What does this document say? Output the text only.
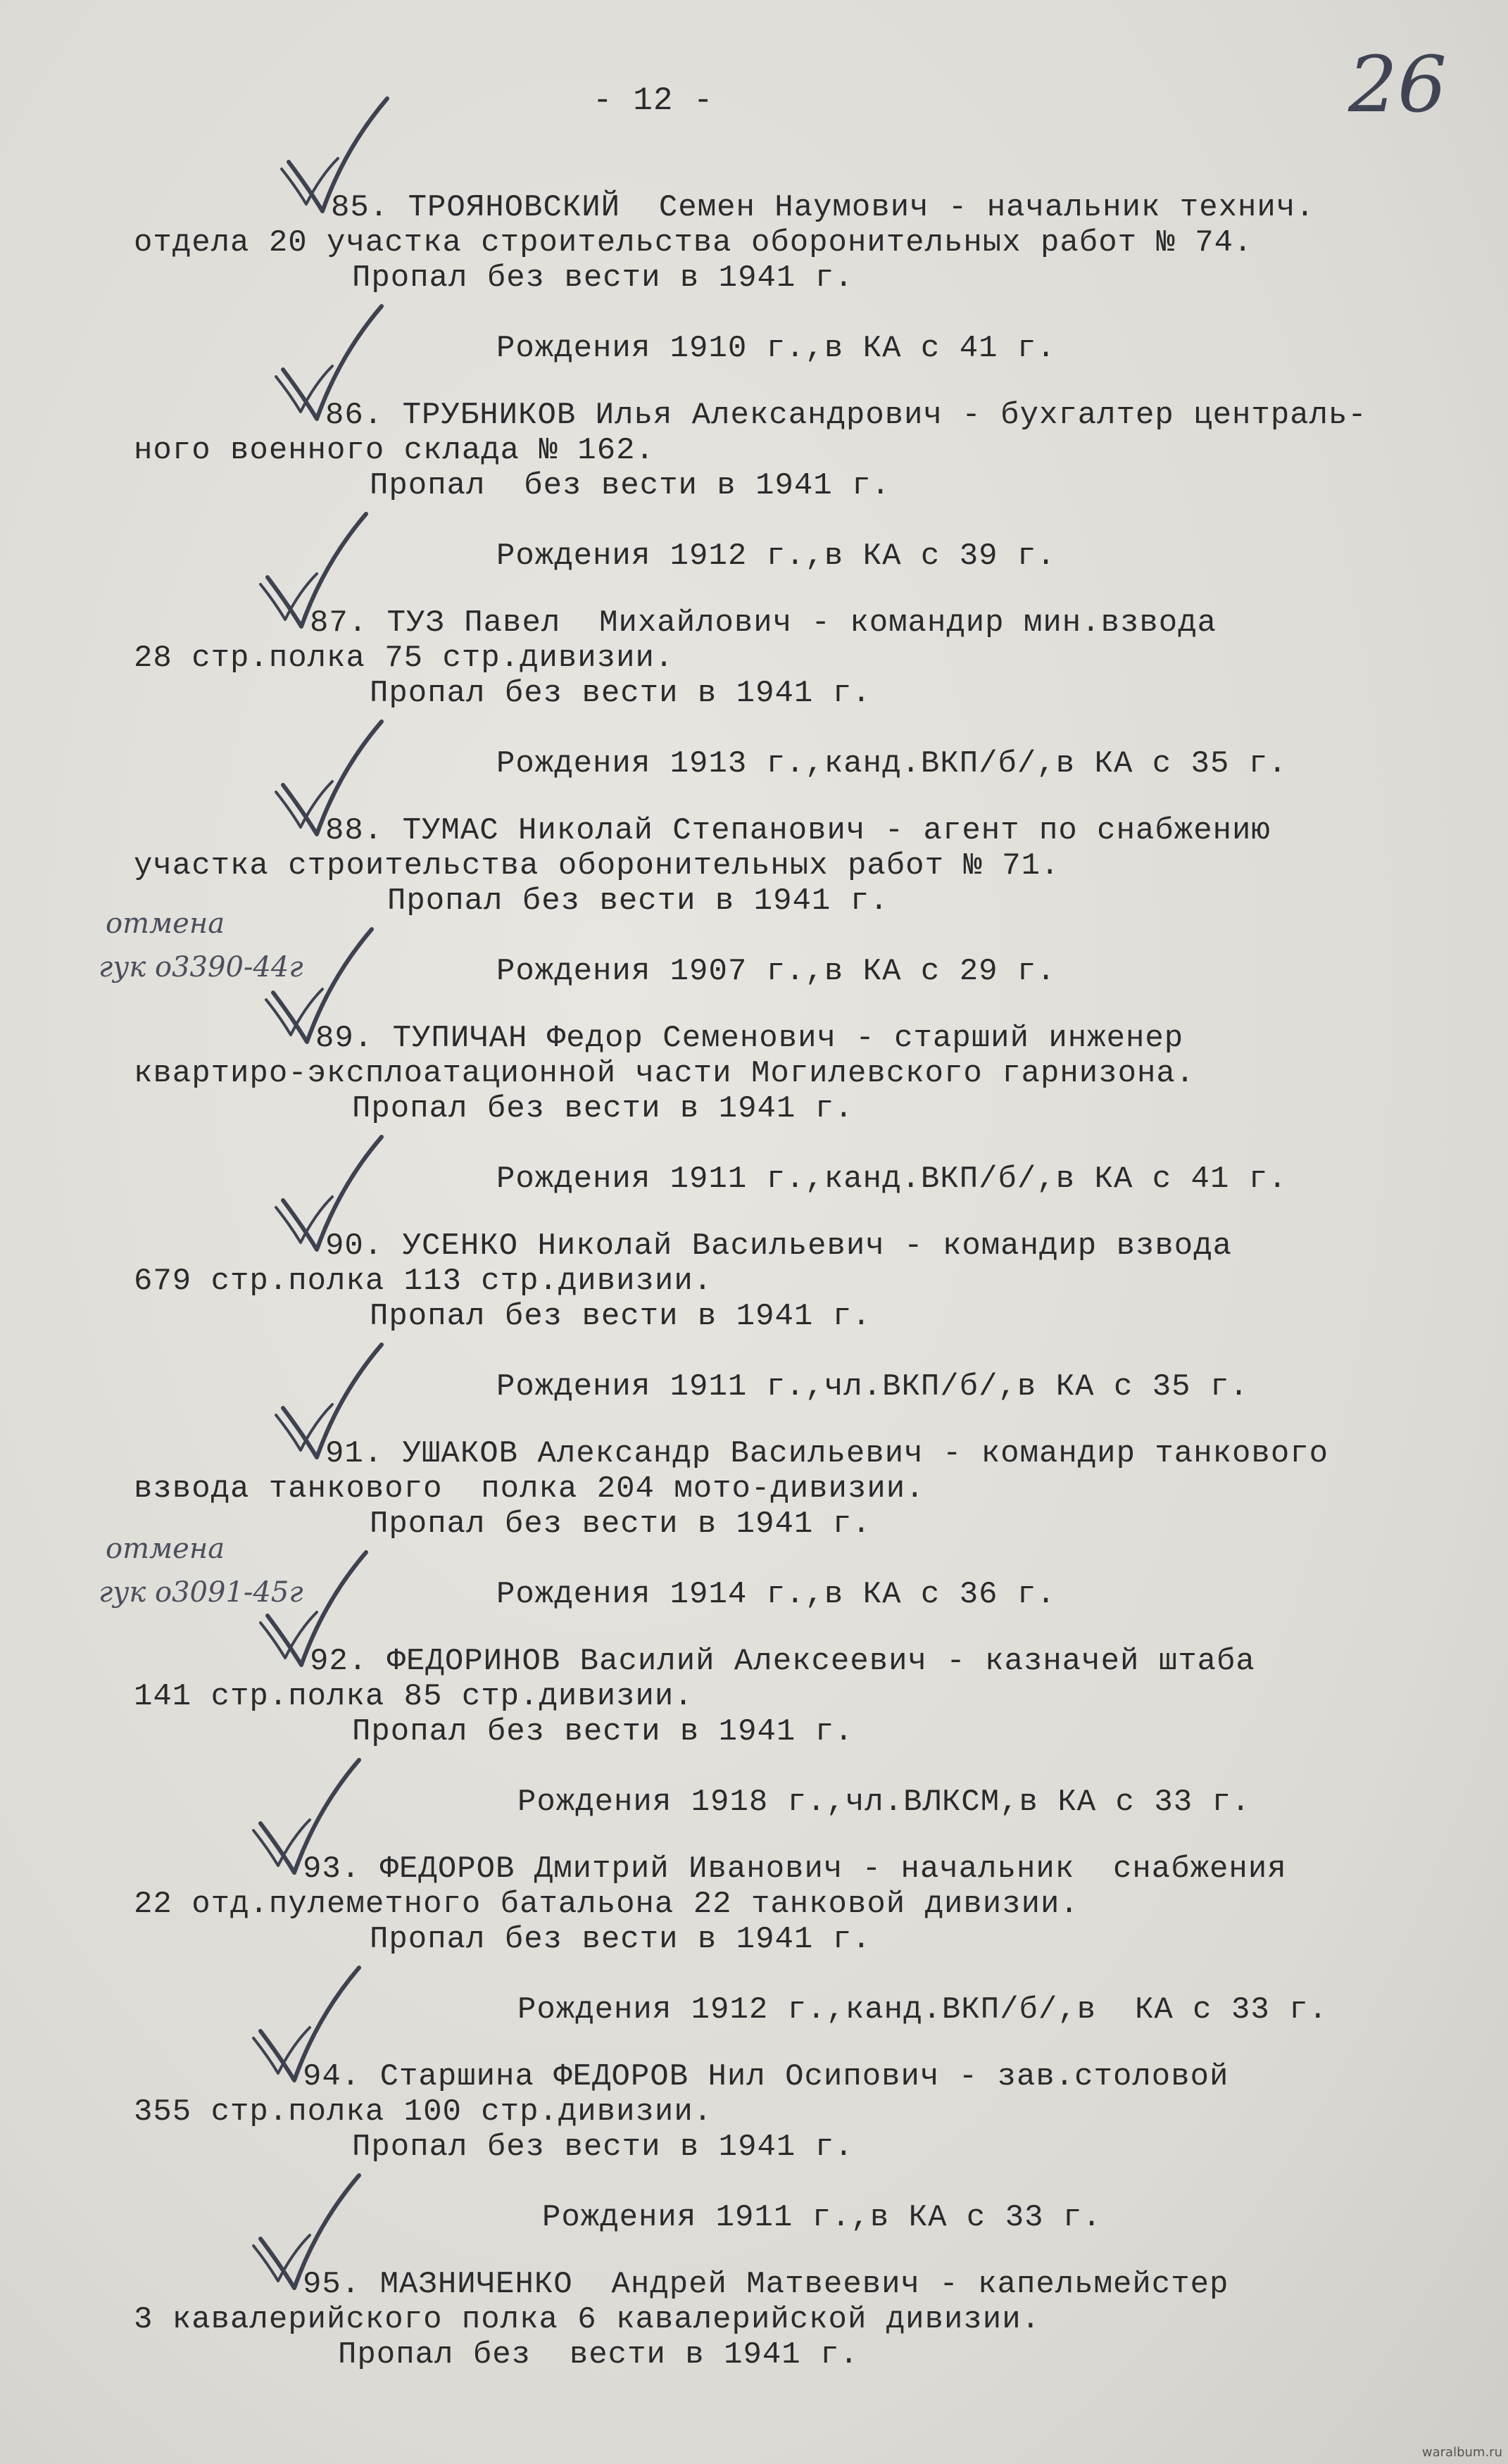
- 12 -	26
85. ТРОЯНОВСКИЙ  Семен Наумович - начальник технич.
отдела 20 участка строительства оборонительных работ № 74.
Пропал без вести в 1941 г.
Рождения 1910 г.,в КА с 41 г.
86. ТРУБНИКОВ Илья Александрович - бухгалтер централь-
ного военного склада № 162.
Пропал  без вести в 1941 г.
Рождения 1912 г.,в КА с 39 г.
87. ТУЗ Павел  Михайлович - командир мин.взвода
28 стр.полка 75 стр.дивизии.
Пропал без вести в 1941 г.
Рождения 1913 г.,канд.ВКП/б/,в КА с 35 г.
88. ТУМАС Николай Степанович - агент по снабжению
участка строительства оборонительных работ № 71.
Пропал без вести в 1941 г.
Рождения 1907 г.,в КА с 29 г.
89. ТУПИЧАН Федор Семенович - старший инженер
квартиро-эксплоатационной части Могилевского гарнизона.
Пропал без вести в 1941 г.
Рождения 1911 г.,канд.ВКП/б/,в КА с 41 г.
90. УСЕНКО Николай Васильевич - командир взвода
679 стр.полка 113 стр.дивизии.
Пропал без вести в 1941 г.
Рождения 1911 г.,чл.ВКП/б/,в КА с 35 г.
91. УШАКОВ Александр Васильевич - командир танкового
взвода танкового  полка 204 мото-дивизии.
Пропал без вести в 1941 г.
Рождения 1914 г.,в КА с 36 г.
92. ФЕДОРИНОВ Василий Алексеевич - казначей штаба
141 стр.полка 85 стр.дивизии.
Пропал без вести в 1941 г.
Рождения 1918 г.,чл.ВЛКСМ,в КА с 33 г.
93. ФЕДОРОВ Дмитрий Иванович - начальник  снабжения
22 отд.пулеметного батальона 22 танковой дивизии.
Пропал без вести в 1941 г.
Рождения 1912 г.,канд.ВКП/б/,в  КА с 33 г.
94. Старшина ФЕДОРОВ Нил Осипович - зав.столовой
355 стр.полка 100 стр.дивизии.
Пропал без вести в 1941 г.
Рождения 1911 г.,в КА с 33 г.
95. МАЗНИЧЕНКО  Андрей Матвеевич - капельмейстер
3 кавалерийского полка 6 кавалерийской дивизии.
Пропал без  вести в 1941 г.
отмена
гук о3390-44г
отмена
гук о3091-45г
waralbum.ru
